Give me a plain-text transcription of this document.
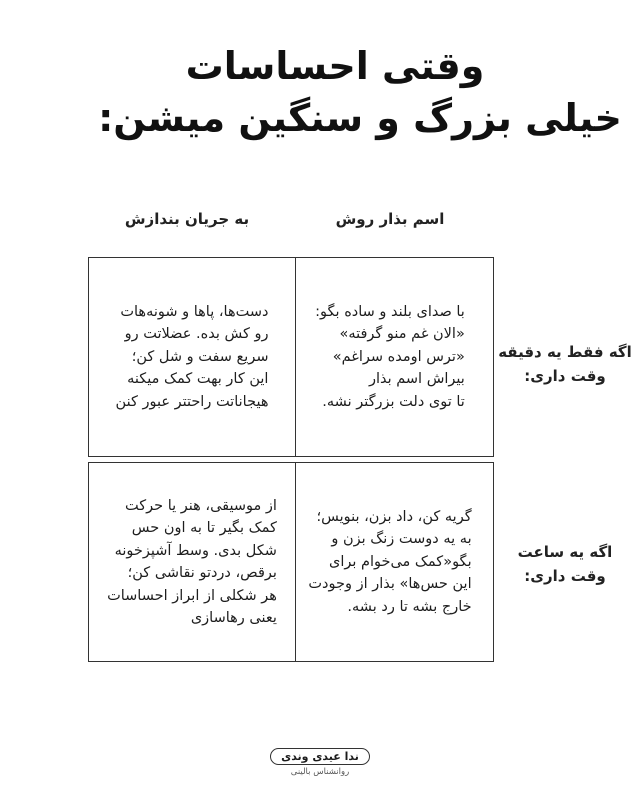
وقتی احساسات
خیلی بزرگ و سنگین میشن:
اسم بذار روش
به جریان بندازش
اگه فقط یه دقیقه
وقت داری:
اگه یه ساعت
وقت داری:
با صدای بلند و ساده بگو:
«الان غم منو گرفته»
«ترس اومده سراغم»
بیراش اسم بذار
تا توی دلت بزرگتر نشه.
دست‌ها، پاها و شونه‌هات
رو کش بده. عضلاتت رو
سریع سفت و شل کن؛
این کار بهت کمک میکنه
هیجاناتت راحتتر عبور کنن
گریه کن، داد بزن، بنویس؛
به یه دوست زنگ بزن و
بگو«کمک می‌خوام برای
این حس‌ها» بذار از وجودت
خارج بشه تا رد بشه.
از موسیقی، هنر یا حرکت
کمک بگیر تا به اون حس
شکل بدی. وسط آشپزخونه
برقص، دردتو نقاشی کن؛
هر شکلی از ابراز احساسات
یعنی رهاسازی
ندا عیدی وندی
روانشناس بالینی
